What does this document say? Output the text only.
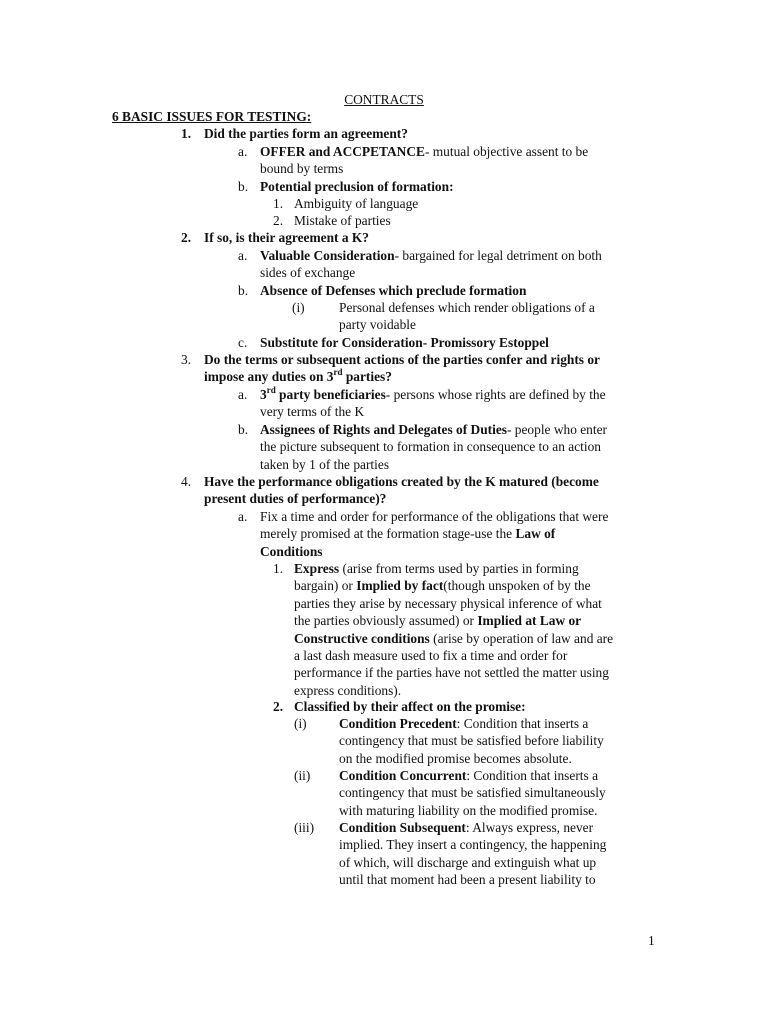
CONTRACTS
6 BASIC ISSUES FOR TESTING:
1. Did the parties form an agreement?
a. OFFER and ACCPETANCE- mutual objective assent to be
bound by terms
b. Potential preclusion of formation:
1. Ambiguity of language
2. Mistake of parties
2. If so, is their agreement a K?
a. Valuable Consideration- bargained for legal detriment on both
sides of exchange
b. Absence of Defenses which preclude formation
(i)	Personal defenses which render obligations of a
party voidable
c. Substitute for Consideration- Promissory Estoppel
3. Do the terms or subsequent actions of the parties confer and rights or
impose any duties on 3rd parties?
a. 3rd party beneficiaries- persons whose rights are defined by the
very terms of the K
b. Assignees of Rights and Delegates of Duties- people who enter
the picture subsequent to formation in consequence to an action
taken by 1 of the parties
4. Have the performance obligations created by the K matured (become
present duties of performance)?
a. Fix a time and order for performance of the obligations that were
merely promised at the formation stage-use the Law of
Conditions
1. Express (arise from terms used by parties in forming
bargain) or Implied by fact(though unspoken of by the
parties they arise by necessary physical inference of what
the parties obviously assumed) or Implied at Law or
Constructive conditions (arise by operation of law and are
a last dash measure used to fix a time and order for
performance if the parties have not settled the matter using
express conditions).
2. Classified by their affect on the promise:
(i)	Condition Precedent: Condition that inserts a
contingency that must be satisfied before liability
on the modified promise becomes absolute.
(ii)	Condition Concurrent: Condition that inserts a
contingency that must be satisfied simultaneously
with maturing liability on the modified promise.
(iii)	Condition Subsequent: Always express, never
implied. They insert a contingency, the happening
of which, will discharge and extinguish what up
until that moment had been a present liability to
1
